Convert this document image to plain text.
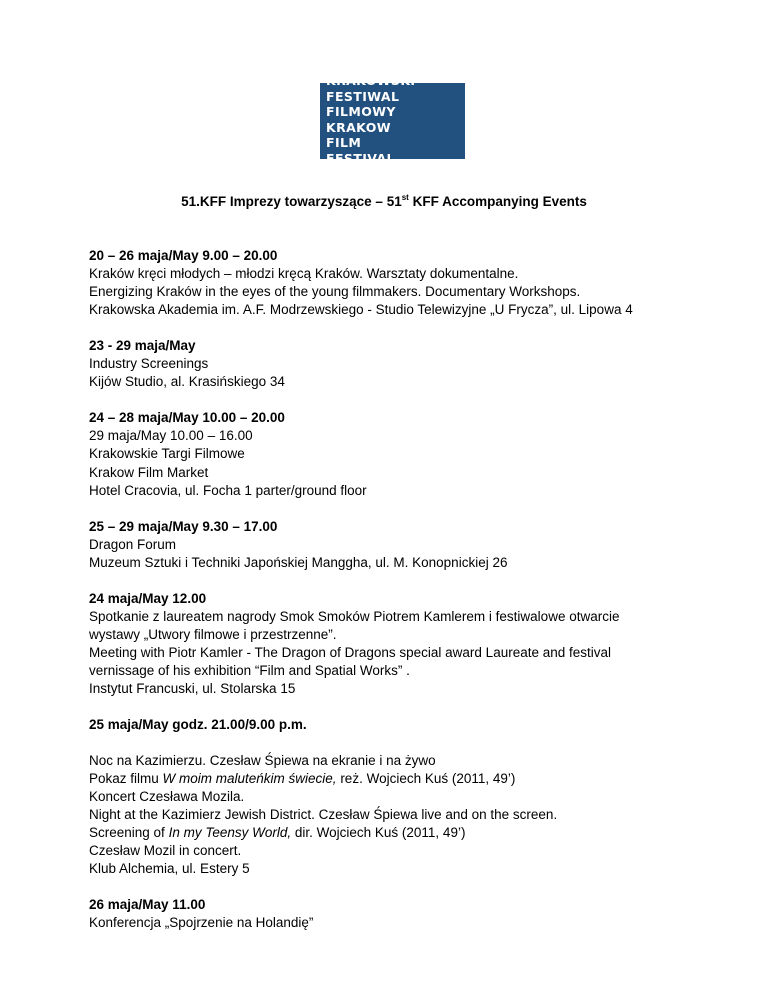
KRAKOWSKI
FESTIWAL
FILMOWY
KRAKOW
FILM
FESTIVAL
51.KFF Imprezy towarzyszące – 51st KFF Accompanying Events
20 – 26 maja/May 9.00 – 20.00
Kraków kręci młodych – młodzi kręcą Kraków. Warsztaty dokumentalne.
Energizing Kraków in the eyes of the young filmmakers. Documentary Workshops.
Krakowska Akademia im. A.F. Modrzewskiego - Studio Telewizyjne „U Frycza”, ul. Lipowa 4
23 - 29 maja/May
Industry Screenings
Kijów Studio, al. Krasińskiego 34
24 – 28 maja/May 10.00 – 20.00
29 maja/May 10.00 – 16.00
Krakowskie Targi Filmowe
Krakow Film Market
Hotel Cracovia, ul. Focha 1 parter/ground floor
25 – 29 maja/May 9.30 – 17.00
Dragon Forum
Muzeum Sztuki i Techniki Japońskiej Manggha, ul. M. Konopnickiej 26
24 maja/May 12.00
Spotkanie z laureatem nagrody Smok Smoków Piotrem Kamlerem i festiwalowe otwarcie
wystawy „Utwory filmowe i przestrzenne”.
Meeting with Piotr Kamler - The Dragon of Dragons special award Laureate and festival
vernissage of his exhibition “Film and Spatial Works” .
Instytut Francuski, ul. Stolarska 15
25 maja/May godz. 21.00/9.00 p.m.
Noc na Kazimierzu. Czesław Śpiewa na ekranie i na żywo
Pokaz filmu W moim maluteńkim świecie, reż. Wojciech Kuś (2011, 49’)
Koncert Czesława Mozila.
Night at the Kazimierz Jewish District. Czesław Śpiewa live and on the screen.
Screening of In my Teensy World, dir. Wojciech Kuś (2011, 49’)
Czesław Mozil in concert.
Klub Alchemia, ul. Estery 5
26 maja/May 11.00
Konferencja „Spojrzenie na Holandię”
